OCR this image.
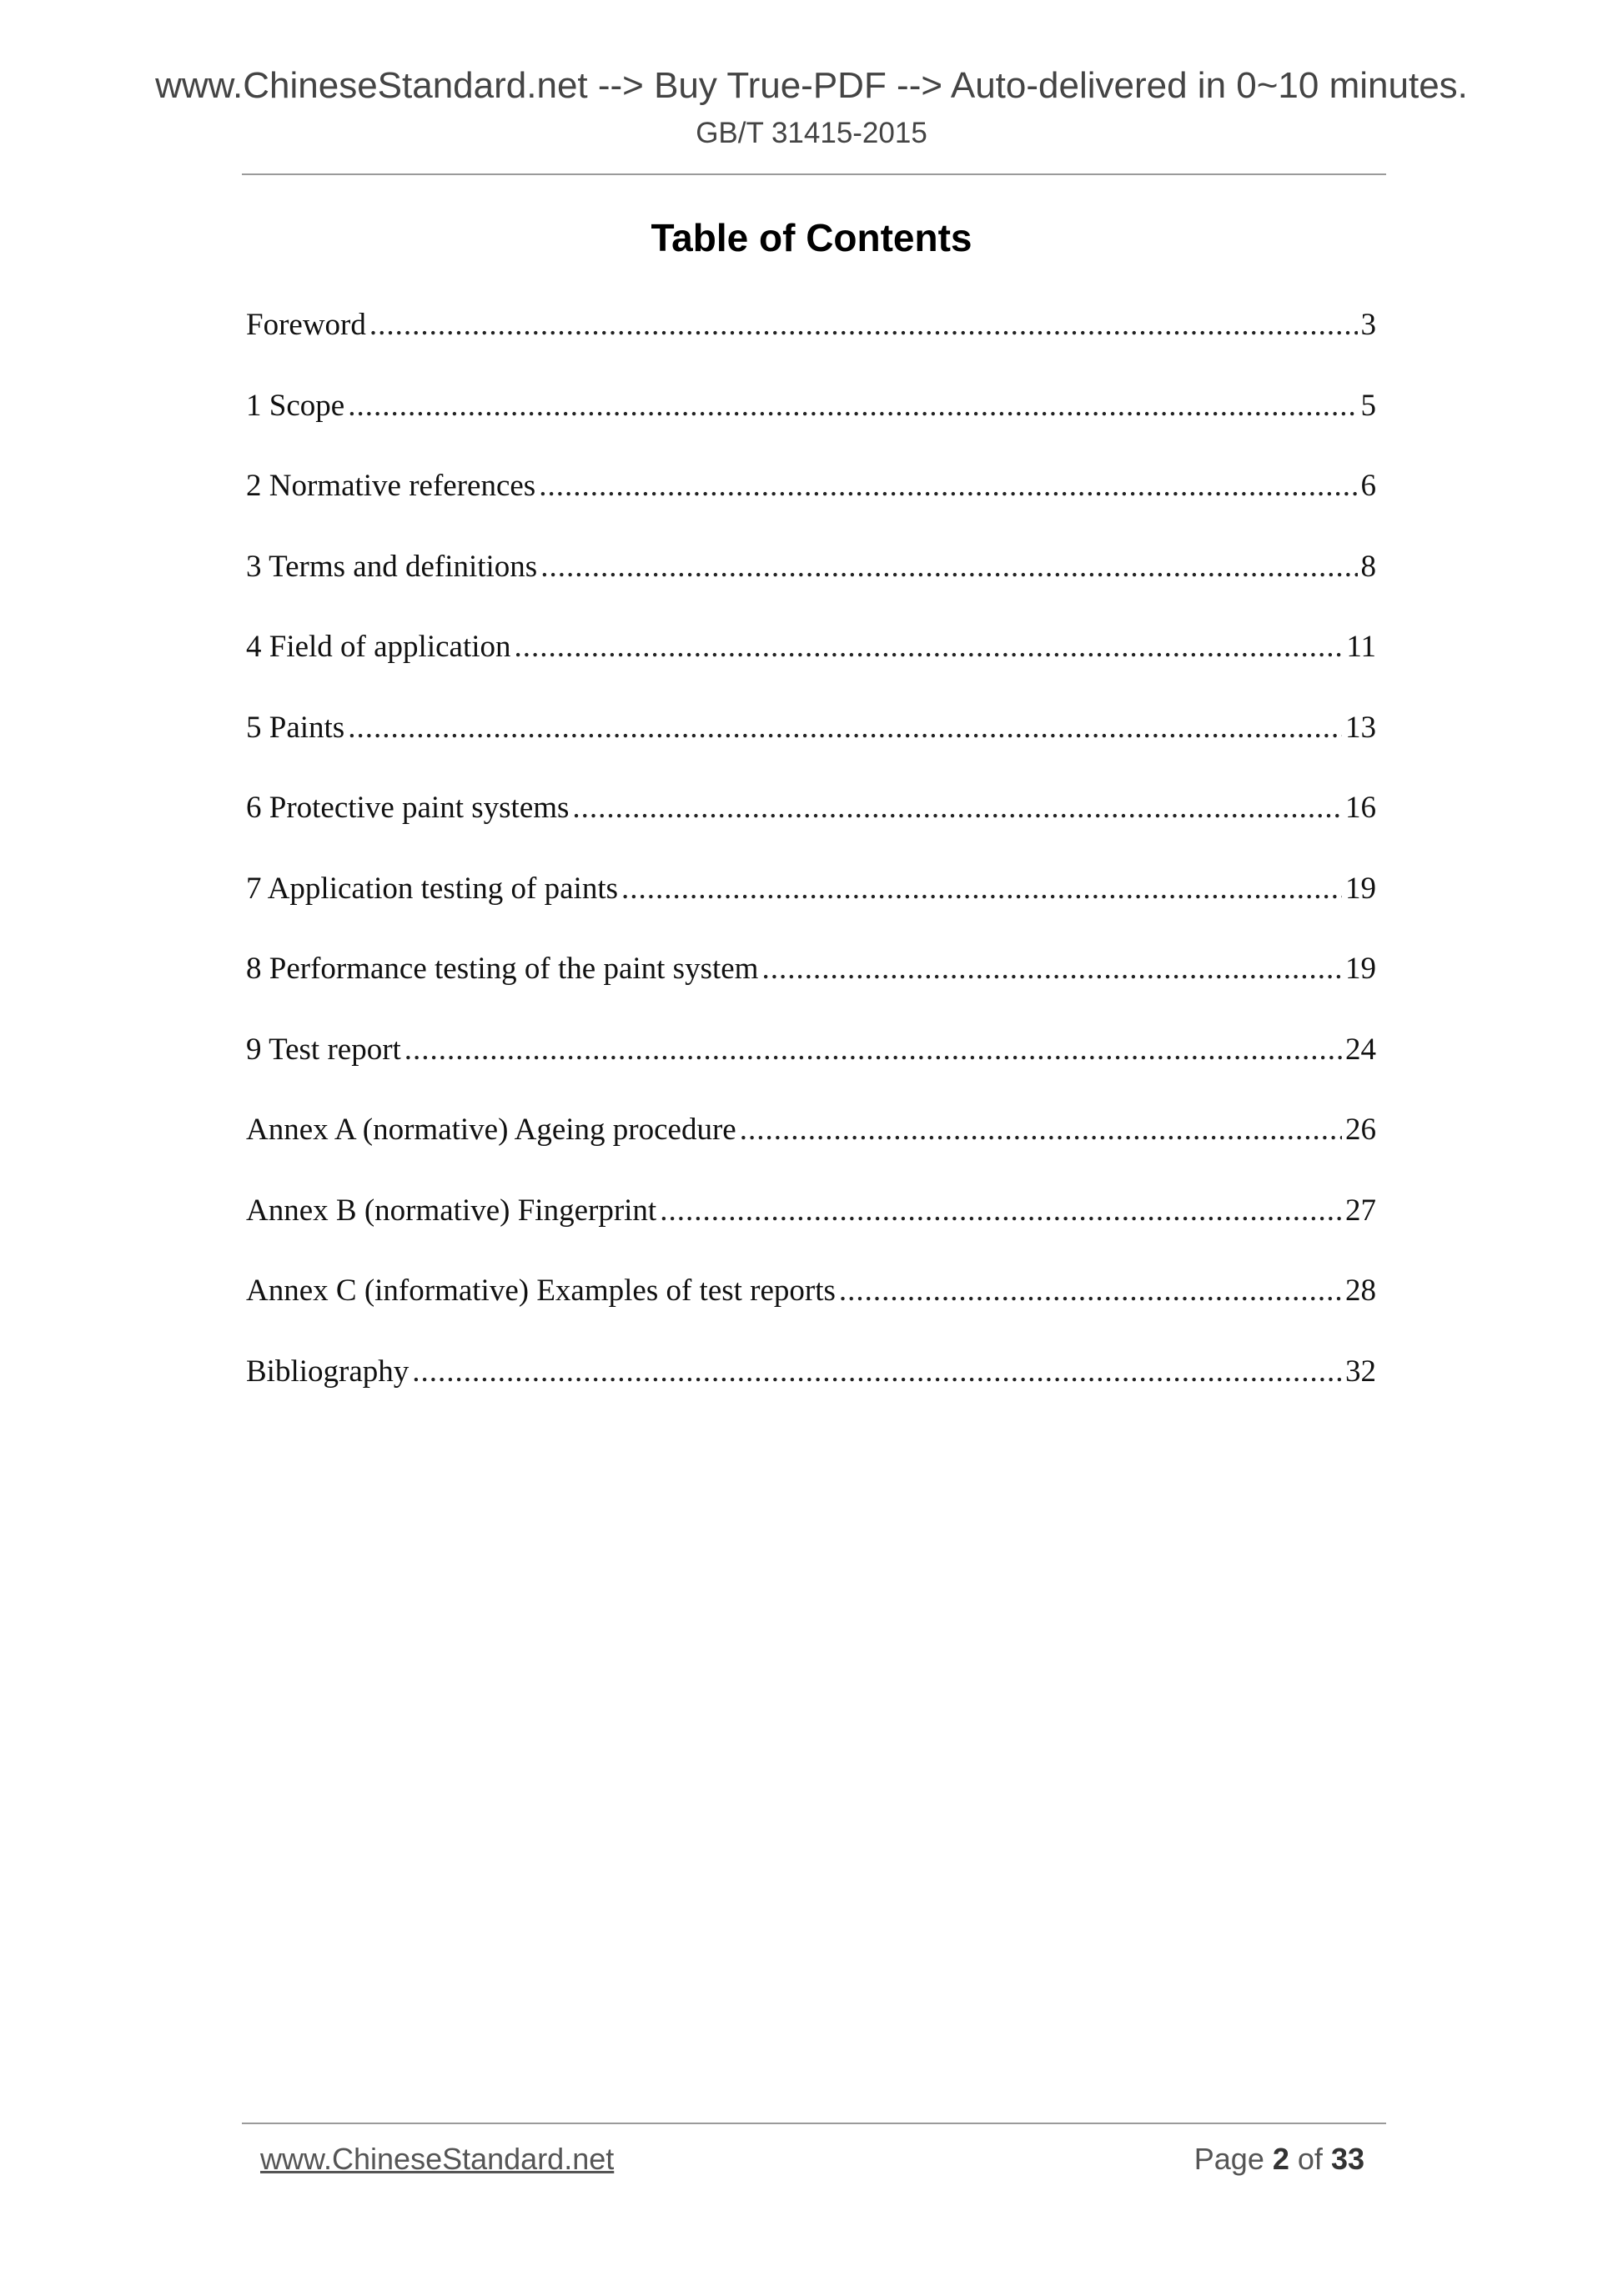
www.ChineseStandard.net --> Buy True-PDF --> Auto-delivered in 0~10 minutes.
GB/T 31415-2015
Table of Contents
Foreword .....	3
1 Scope .....	5
2 Normative references .....	6
3 Terms and definitions .....	8
4 Field of application .....	11
5 Paints .....	13
6 Protective paint systems .....	16
7 Application testing of paints .....	19
8 Performance testing of the paint system .....	19
9 Test report .....	24
Annex A (normative) Ageing procedure .....	26
Annex B (normative) Fingerprint .....	27
Annex C (informative) Examples of test reports .....	28
Bibliography .....	32
www.ChineseStandard.net	Page 2 of 33
